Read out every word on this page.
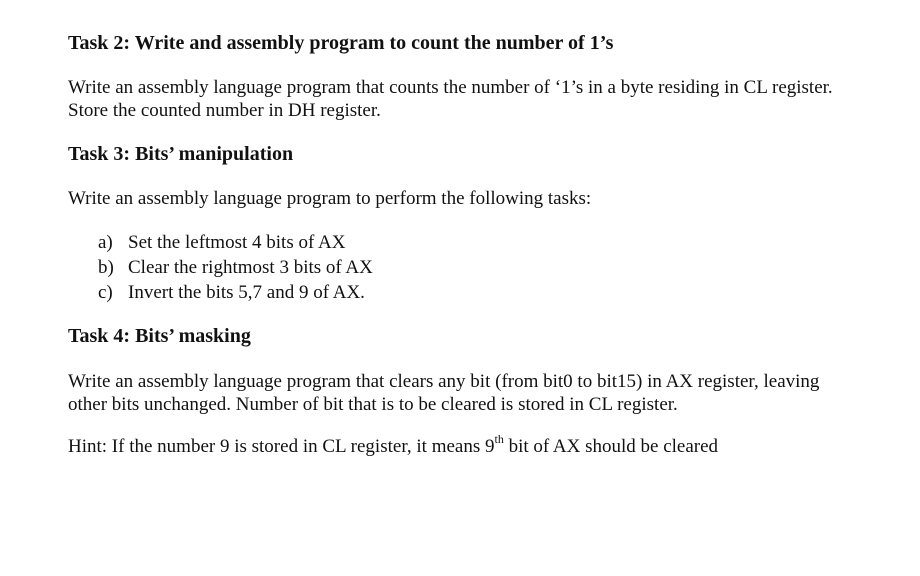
Task 2: Write and assembly program to count the number of 1’s
Write an assembly language program that counts the number of ‘1’s in a byte residing in CL register.
Store the counted number in DH register.
Task 3: Bits’ manipulation
Write an assembly language program to perform the following tasks:
a) Set the leftmost 4 bits of AX
b) Clear the rightmost 3 bits of AX
c) Invert the bits 5,7 and 9 of AX.
Task 4: Bits’ masking
Write an assembly language program that clears any bit (from bit0 to bit15) in AX register, leaving
other bits unchanged. Number of bit that is to be cleared is stored in CL register.
Hint: If the number 9 is stored in CL register, it means 9th bit of AX should be cleared
